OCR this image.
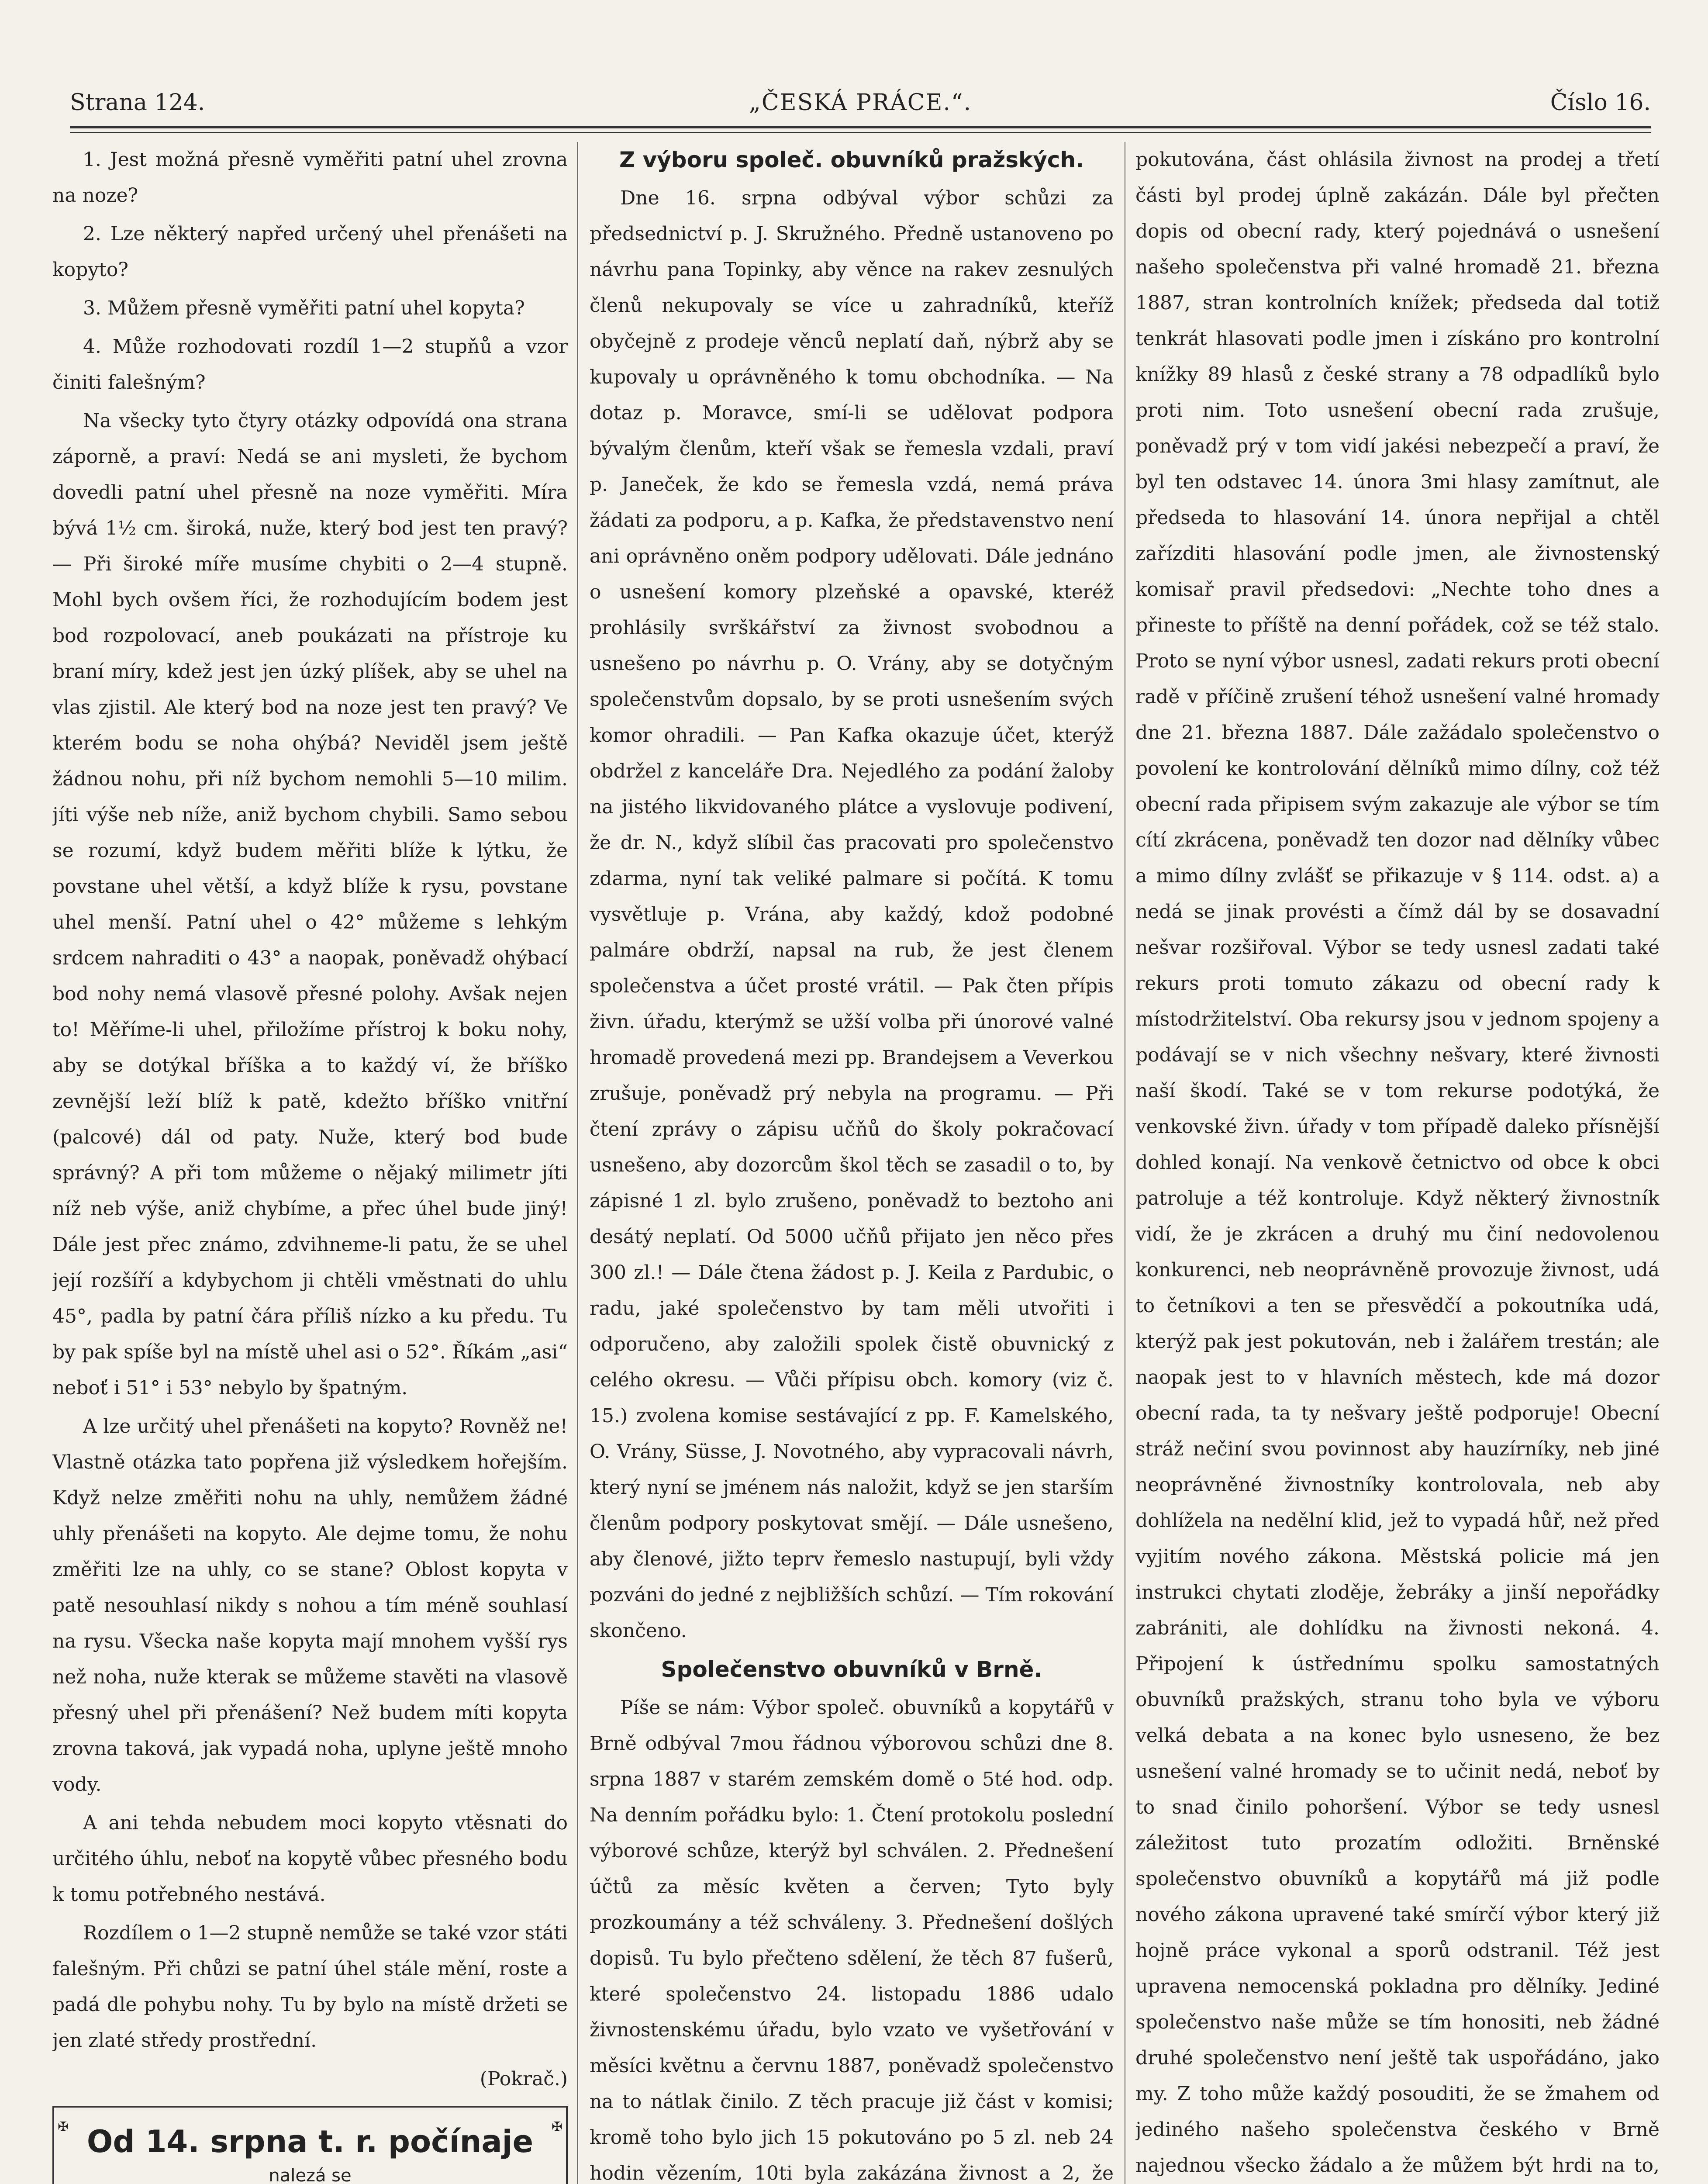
Strana 124.	„ČESKÁ PRÁCE.“.	Číslo 16.

1. Jest možná přesně vyměřiti patní uhel zrovna na noze?

2. Lze některý napřed určený uhel přenášeti na kopyto?

3. Můžem přesně vyměřiti patní uhel kopyta?

4. Může rozhodovati rozdíl 1—2 stupňů a vzor činiti falešným?

Na všecky tyto čtyry otázky odpovídá ona strana záporně, a praví: Nedá se ani mysleti, že bychom dovedli patní uhel přesně na noze vyměřiti. Míra bývá 1½ cm. široká, nuže, který bod jest ten pravý? — Při široké míře musíme chybiti o 2—4 stupně. Mohl bych ovšem říci, že rozhodujícím bodem jest bod rozpolovací, aneb poukázati na přístroje ku braní míry, kdež jest jen úzký plíšek, aby se uhel na vlas zjistil. Ale který bod na noze jest ten pravý? Ve kterém bodu se noha ohýbá? Neviděl jsem ještě žádnou nohu, při níž bychom nemohli 5—10 milim. jíti výše neb níže, aniž bychom chybili. Samo sebou se rozumí, když budem měřiti blíže k lýtku, že povstane uhel větší, a když blíže k rysu, povstane uhel menší. Patní uhel o 42° můžeme s lehkým srdcem nahraditi o 43° a naopak, poněvadž ohýbací bod nohy nemá vlasově přesné polohy. Avšak nejen to! Měříme-li uhel, přiložíme přístroj k boku nohy, aby se dotýkal bříška a to každý ví, že bříško zevnější leží blíž k patě, kdežto bříško vnitřní (palcové) dál od paty. Nuže, který bod bude správný? A při tom můžeme o nějaký milimetr jíti níž neb výše, aniž chybíme, a přec úhel bude jiný! Dále jest přec známo, zdvihneme-li patu, že se uhel její rozšíří a kdybychom ji chtěli vměstnati do uhlu 45°, padla by patní čára příliš nízko a ku předu. Tu by pak spíše byl na místě uhel asi o 52°. Říkám „asi“ neboť i 51° i 53° nebylo by špatným.

A lze určitý uhel přenášeti na kopyto? Rovněž ne! Vlastně otázka tato popřena již výsledkem hořejším. Když nelze změřiti nohu na uhly, nemůžem žádné uhly přenášeti na kopyto. Ale dejme tomu, že nohu změřiti lze na uhly, co se stane? Oblost kopyta v patě nesouhlasí nikdy s nohou a tím méně souhlasí na rysu. Všecka naše kopyta mají mnohem vyšší rys než noha, nuže kterak se můžeme stavěti na vlasově přesný uhel při přenášení? Než budem míti kopyta zrovna taková, jak vypadá noha, uplyne ještě mnoho vody.

A ani tehda nebudem moci kopyto vtěsnati do určitého úhlu, neboť na kopytě vůbec přesného bodu k tomu potřebného nestává.

Rozdílem o 1—2 stupně nemůže se také vzor státi falešným. Při chůzi se patní úhel stále mění, roste a padá dle pohybu nohy. Tu by bylo na místě držeti se jen zlaté středy prostřední.

(Pokrač.)

✠	✠
Od 14. srpna t. r. počínaje
nalezá se

Z výboru společ. obuvníků pražských.

Dne 16. srpna odbýval výbor schůzi za předsednictví p. J. Skružného. Předně ustanoveno po návrhu pana Topinky, aby věnce na rakev zesnulých členů nekupovaly se více u zahradníků, kteříž obyčejně z prodeje věnců neplatí daň, nýbrž aby se kupovaly u oprávněného k tomu obchodníka. — Na dotaz p. Moravce, smí-li se udělovat podpora bývalým členům, kteří však se řemesla vzdali, praví p. Janeček, že kdo se řemesla vzdá, nemá práva žádati za podporu, a p. Kafka, že představenstvo není ani oprávněno oněm podpory udělovati. Dále jednáno o usnešení komory plzeňské a opavské, kteréž prohlásily svrškářství za živnost svobodnou a usnešeno po návrhu p. O. Vrány, aby se dotyčným společenstvům dopsalo, by se proti usnešením svých komor ohradili. — Pan Kafka okazuje účet, kterýž obdržel z kanceláře Dra. Nejedlého za podání žaloby na jistého likvidovaného plátce a vyslovuje podivení, že dr. N., když slíbil čas pracovati pro společenstvo zdarma, nyní tak veliké palmare si počítá. K tomu vysvětluje p. Vrána, aby každý, kdož podobné palmáre obdrží, napsal na rub, že jest členem společenstva a účet prosté vrátil. — Pak čten přípis živn. úřadu, kterýmž se užší volba při únorové valné hromadě provedená mezi pp. Brandejsem a Veverkou zrušuje, poněvadž prý nebyla na programu. — Při čtení zprávy o zápisu učňů do školy pokračovací usnešeno, aby dozorcům škol těch se zasadil o to, by zápisné 1 zl. bylo zrušeno, poněvadž to beztoho ani desátý neplatí. Od 5000 učňů přijato jen něco přes 300 zl.! — Dále čtena žádost p. J. Keila z Pardubic, o radu, jaké společenstvo by tam měli utvořiti i odporučeno, aby založili spolek čistě obuvnický z celého okresu. — Vůči přípisu obch. komory (viz č. 15.) zvolena komise sestávající z pp. F. Kamelského, O. Vrány, Süsse, J. Novotného, aby vypracovali návrh, který nyní se jménem nás naložit, když se jen starším členům podpory poskytovat smějí. — Dále usnešeno, aby členové, jižto teprv řemeslo nastupují, byli vždy pozváni do jedné z nejbližších schůzí. — Tím rokování skončeno.

Společenstvo obuvníků v Brně.

Píše se nám: Výbor společ. obuvníků a kopytářů v Brně odbýval 7mou řádnou výborovou schůzi dne 8. srpna 1887 v starém zemském domě o 5té hod. odp. Na denním pořádku bylo: 1. Čtení protokolu poslední výborové schůze, kterýž byl schválen. 2. Přednešení účtů za měsíc květen a červen; Tyto byly prozkoumány a též schváleny. 3. Přednešení došlých dopisů. Tu bylo přečteno sdělení, že těch 87 fušerů, které společenstvo 24. listopadu 1886 udalo živnostenskému úřadu, bylo vzato ve vyšetřování v měsíci květnu a červnu 1887, poněvadž společenstvo na to nátlak činilo. Z těch pracuje již část v komisi; kromě toho bylo jich 15 pokutováno po 5 zl. neb 24 hodin vězením, 10ti byla zakázána živnost a 2, že

pokutována, část ohlásila živnost na prodej a třetí části byl prodej úplně zakázán. Dále byl přečten dopis od obecní rady, který pojednává o usnešení našeho společenstva při valné hromadě 21. března 1887, stran kontrolních knížek; předseda dal totiž tenkrát hlasovati podle jmen i získáno pro kontrolní knížky 89 hlasů z české strany a 78 odpadlíků bylo proti nim. Toto usnešení obecní rada zrušuje, poněvadž prý v tom vidí jakési nebezpečí a praví, že byl ten odstavec 14. února 3mi hlasy zamítnut, ale předseda to hlasování 14. února nepřijal a chtěl zařízditi hlasování podle jmen, ale živnostenský komisař pravil předsedovi: „Nechte toho dnes a přineste to příště na denní pořádek, což se též stalo. Proto se nyní výbor usnesl, zadati rekurs proti obecní radě v příčině zrušení téhož usnešení valné hromady dne 21. března 1887. Dále zažádalo společenstvo o povolení ke kontrolování dělníků mimo dílny, což též obecní rada připisem svým zakazuje ale výbor se tím cítí zkrácena, poněvadž ten dozor nad dělníky vůbec a mimo dílny zvlášť se přikazuje v § 114. odst. a) a nedá se jinak provésti a čímž dál by se dosavadní nešvar rozšiřoval. Výbor se tedy usnesl zadati také rekurs proti tomuto zákazu od obecní rady k místodržitelství. Oba rekursy jsou v jednom spojeny a podávají se v nich všechny nešvary, které živnosti naší škodí. Také se v tom rekurse podotýká, že venkovské živn. úřady v tom případě daleko přísnější dohled konají. Na venkově četnictvo od obce k obci patroluje a též kontroluje. Když některý živnostník vidí, že je zkrácen a druhý mu činí nedovolenou konkurenci, neb neoprávněně provozuje živnost, udá to četníkovi a ten se přesvědčí a pokoutníka udá, kterýž pak jest pokutován, neb i žalářem trestán; ale naopak jest to v hlavních městech, kde má dozor obecní rada, ta ty nešvary ještě podporuje! Obecní stráž nečiní svou povinnost aby hauzírníky, neb jiné neoprávněné živnostníky kontrolovala, neb aby dohlížela na nedělní klid, jež to vypadá hůř, než před vyjitím nového zákona. Městská policie má jen instrukci chytati zloděje, žebráky a jinší nepořádky zabrániti, ale dohlídku na živnosti nekoná. 4. Připojení k ústřednímu spolku samostatných obuvníků pražských, stranu toho byla ve výboru velká debata a na konec bylo usneseno, že bez usnešení valné hromady se to učinit nedá, neboť by to snad činilo pohoršení. Výbor se tedy usnesl záležitost tuto prozatím odložiti. Brněnské společenstvo obuvníků a kopytářů má již podle nového zákona upravené také smírčí výbor který již hojně práce vykonal a sporů odstranil. Též jest upravena nemocenská pokladna pro dělníky. Jediné společenstvo naše může se tím honositi, neb žádné druhé společenstvo není ještě tak uspořádáno, jako my. Z toho může každý posouditi, že se žmahem od jediného našeho společenstva českého v Brně najednou všecko žádalo a že můžem být hrdi na to,
